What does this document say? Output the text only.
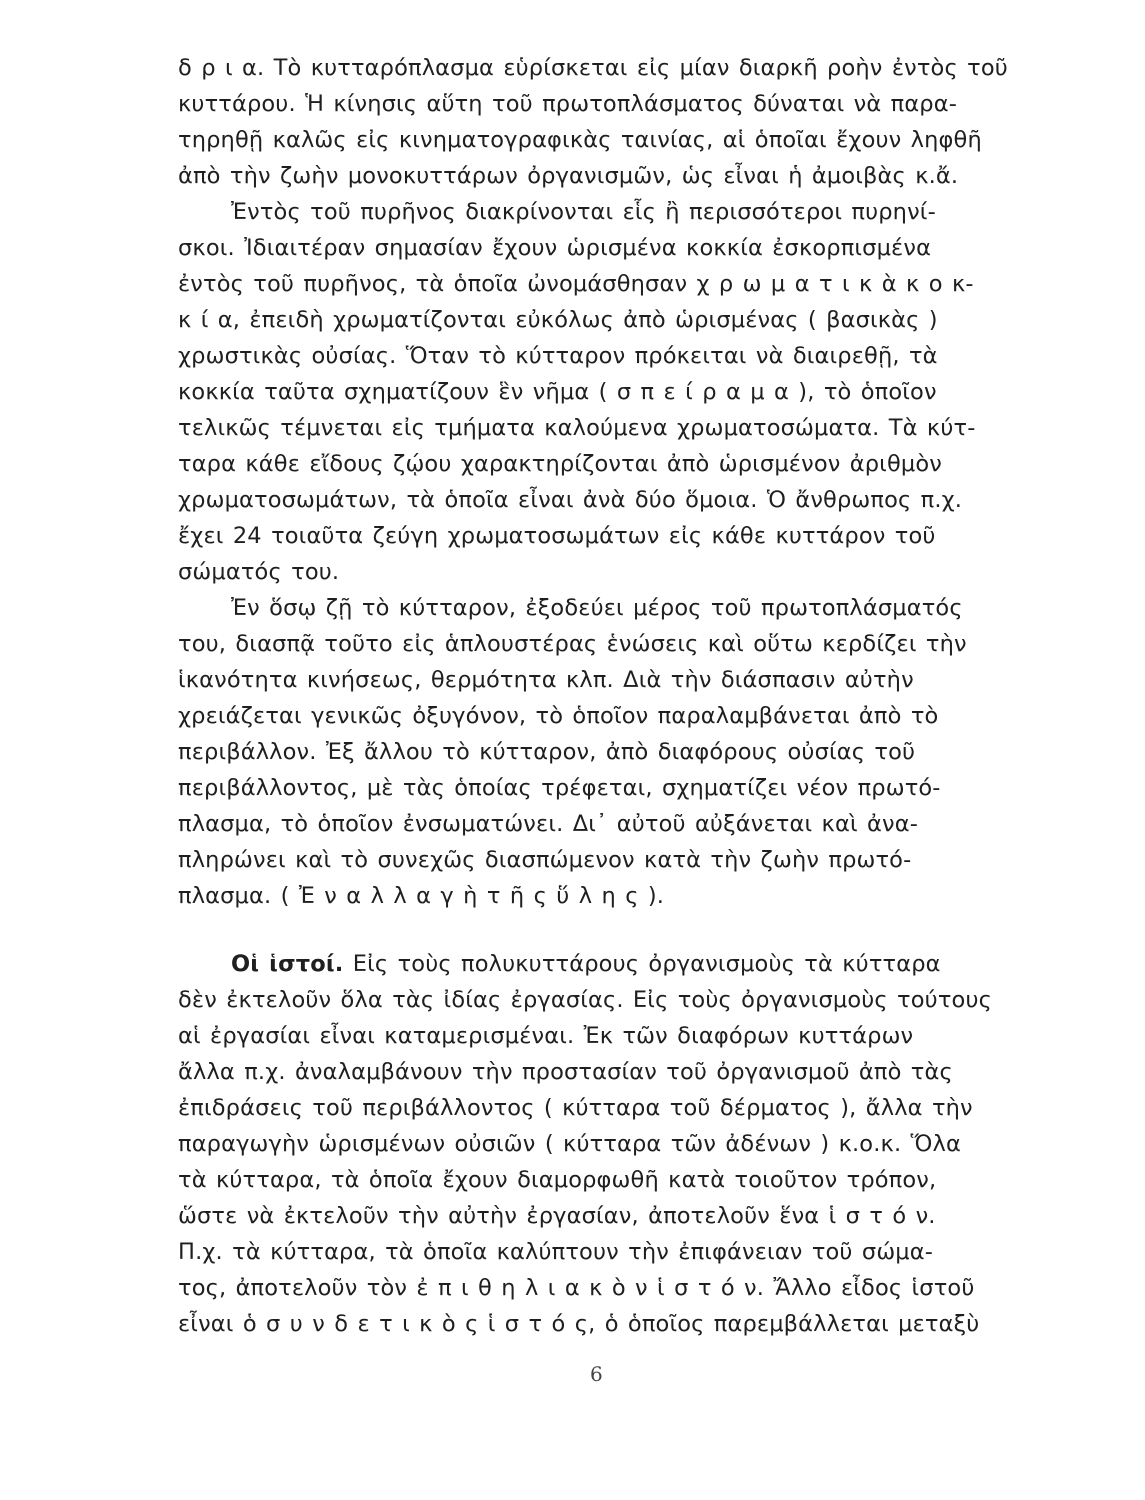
δ ρ ι α. Τὸ κυτταρόπλασμα εὑρίσκεται εἰς μίαν διαρκῆ ροὴν ἐντὸς τοῦ
κυττάρου. Ἡ κίνησις αὕτη τοῦ πρωτοπλάσματος δύναται νὰ παρα-
τηρηθῇ καλῶς εἰς κινηματογραφικὰς ταινίας, αἱ ὁποῖαι ἔχουν ληφθῆ
ἀπὸ τὴν ζωὴν μονοκυττάρων ὀργανισμῶν, ὡς εἶναι ἡ ἀμοιβὰς κ.ἄ.
Ἐντὸς τοῦ πυρῆνος διακρίνονται εἷς ἢ περισσότεροι πυρηνί-
σκοι. Ἰδιαιτέραν σημασίαν ἔχουν ὡρισμένα κοκκία ἐσκορπισμένα
ἐντὸς τοῦ πυρῆνος, τὰ ὁποῖα ὠνομάσθησαν χ ρ ω μ α τ ι κ ὰ κ ο κ-
κ ί α, ἐπειδὴ χρωματίζονται εὐκόλως ἀπὸ ὡρισμένας ( βασικὰς )
χρωστικὰς οὐσίας. Ὅταν τὸ κύτταρον πρόκειται νὰ διαιρεθῇ, τὰ
κοκκία ταῦτα σχηματίζουν ἓν νῆμα ( σ π ε ί ρ α μ α ), τὸ ὁποῖον
τελικῶς τέμνεται εἰς τμήματα καλούμενα χρωματοσώματα. Τὰ κύτ-
ταρα κάθε εἴδους ζῴου χαρακτηρίζονται ἀπὸ ὡρισμένον ἀριθμὸν
χρωματοσωμάτων, τὰ ὁποῖα εἶναι ἀνὰ δύο ὅμοια. Ὁ ἄνθρωπος π.χ.
ἔχει 24 τοιαῦτα ζεύγη χρωματοσωμάτων εἰς κάθε κυττάρον τοῦ
σώματός του.
Ἐν ὅσῳ ζῇ τὸ κύτταρον, ἐξοδεύει μέρος τοῦ πρωτοπλάσματός
του, διασπᾷ τοῦτο εἰς ἁπλουστέρας ἑνώσεις καὶ οὕτω κερδίζει τὴν
ἱκανότητα κινήσεως, θερμότητα κλπ. Διὰ τὴν διάσπασιν αὐτὴν
χρειάζεται γενικῶς ὀξυγόνον, τὸ ὁποῖον παραλαμβάνεται ἀπὸ τὸ
περιβάλλον. Ἐξ ἄλλου τὸ κύτταρον, ἀπὸ διαφόρους οὐσίας τοῦ
περιβάλλοντος, μὲ τὰς ὁποίας τρέφεται, σχηματίζει νέον πρωτό-
πλασμα, τὸ ὁποῖον ἐνσωματώνει. Δι᾽ αὐτοῦ αὐξάνεται καὶ ἀνα-
πληρώνει καὶ τὸ συνεχῶς διασπώμενον κατὰ τὴν ζωὴν πρωτό-
πλασμα. ( Ἐ ν α λ λ α γ ὴ τ ῆ ς ὕ λ η ς ).
Οἱ ἱστοί. Εἰς τοὺς πολυκυττάρους ὀργανισμοὺς τὰ κύτταρα
δὲν ἐκτελοῦν ὅλα τὰς ἰδίας ἐργασίας. Εἰς τοὺς ὀργανισμοὺς τούτους
αἱ ἐργασίαι εἶναι καταμερισμέναι. Ἐκ τῶν διαφόρων κυττάρων
ἄλλα π.χ. ἀναλαμβάνουν τὴν προστασίαν τοῦ ὀργανισμοῦ ἀπὸ τὰς
ἐπιδράσεις τοῦ περιβάλλοντος ( κύτταρα τοῦ δέρματος ), ἄλλα τὴν
παραγωγὴν ὡρισμένων οὐσιῶν ( κύτταρα τῶν ἀδένων ) κ.ο.κ. Ὅλα
τὰ κύτταρα, τὰ ὁποῖα ἔχουν διαμορφωθῆ κατὰ τοιοῦτον τρόπον,
ὥστε νὰ ἐκτελοῦν τὴν αὐτὴν ἐργασίαν, ἀποτελοῦν ἕνα ἱ σ τ ό ν.
Π.χ. τὰ κύτταρα, τὰ ὁποῖα καλύπτουν τὴν ἐπιφάνειαν τοῦ σώμα-
τος, ἀποτελοῦν τὸν ἐ π ι θ η λ ι α κ ὸ ν ἱ σ τ ό ν. Ἄλλο εἶδος ἱστοῦ
εἶναι ὁ σ υ ν δ ε τ ι κ ὸ ς ἱ σ τ ό ς, ὁ ὁποῖος παρεμβάλλεται μεταξὺ
6
